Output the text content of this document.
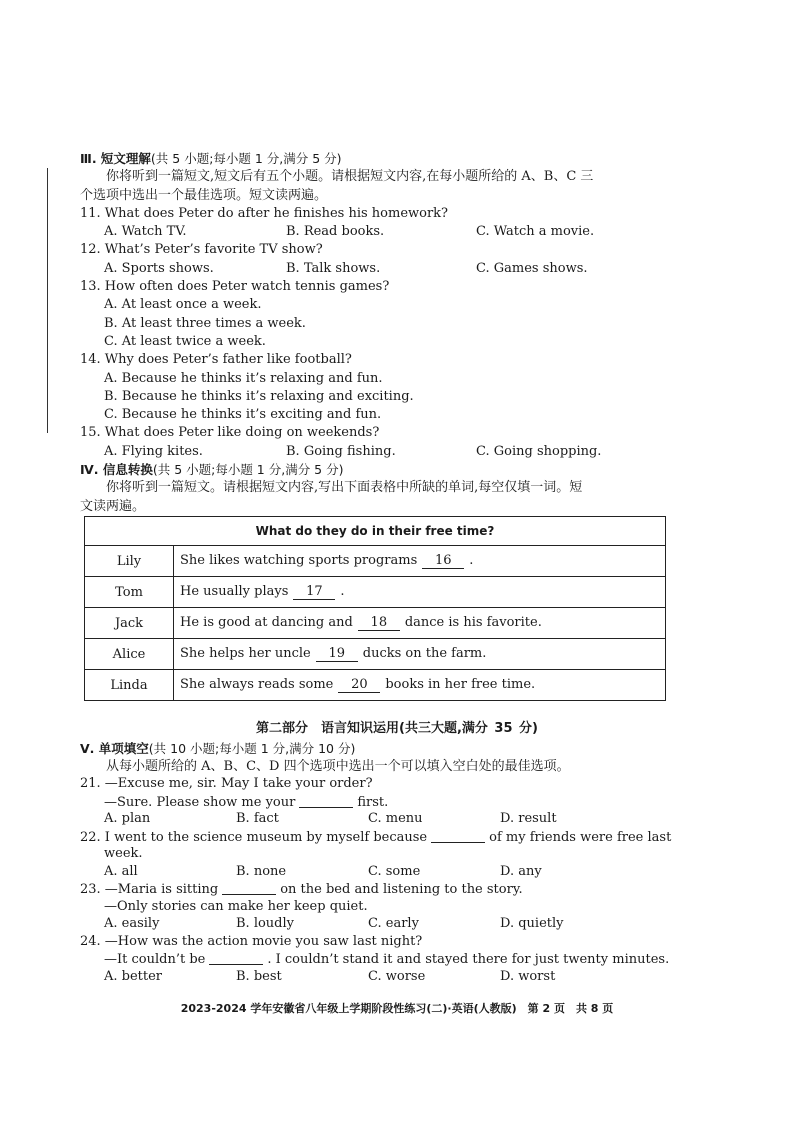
Ⅲ. 短文理解(共 5 小题;每小题 1 分,满分 5 分)
你将听到一篇短文,短文后有五个小题。请根据短文内容,在每小题所给的 A、B、C 三
个选项中选出一个最佳选项。短文读两遍。
11. What does Peter do after he finishes his homework?
A. Watch TV.	B. Read books.	C. Watch a movie.
12. What’s Peter’s favorite TV show?
A. Sports shows.	B. Talk shows.	C. Games shows.
13. How often does Peter watch tennis games?
A. At least once a week.
B. At least three times a week.
C. At least twice a week.
14. Why does Peter’s father like football?
A. Because he thinks it’s relaxing and fun.
B. Because he thinks it’s relaxing and exciting.
C. Because he thinks it’s exciting and fun.
15. What does Peter like doing on weekends?
A. Flying kites.	B. Going fishing.	C. Going shopping.
Ⅳ. 信息转换(共 5 小题;每小题 1 分,满分 5 分)
你将听到一篇短文。请根据短文内容,写出下面表格中所缺的单词,每空仅填一词。短
文读两遍。
What do they do in their free time?	
Lily	She likes watching sports programs 16 .
Tom	He usually plays 17 .
Jack	He is good at dancing and 18 dance is his favorite.
Alice	She helps her uncle 19 ducks on the farm.
Linda	She always reads some 20 books in her free time.
第二部分　语言知识运用(共三大题,满分 35 分)
Ⅴ. 单项填空(共 10 小题;每小题 1 分,满分 10 分)
从每小题所给的 A、B、C、D 四个选项中选出一个可以填入空白处的最佳选项。
21. —Excuse me, sir. May I take your order?
—Sure. Please show me your	first.
A. plan	B. fact	C. menu	D. result
22. I went to the science museum by myself because	of my friends were free last
week.
A. all	B. none	C. some	D. any
23. —Maria is sitting	on the bed and listening to the story.
—Only stories can make her keep quiet.
A. easily	B. loudly	C. early	D. quietly
24. —How was the action movie you saw last night?
—It couldn’t be	. I couldn’t stand it and stayed there for just twenty minutes.
A. better	B. best	C. worse	D. worst
2023-2024 学年安徽省八年级上学期阶段性练习(二)·英语(人教版)　第 2 页　共 8 页
